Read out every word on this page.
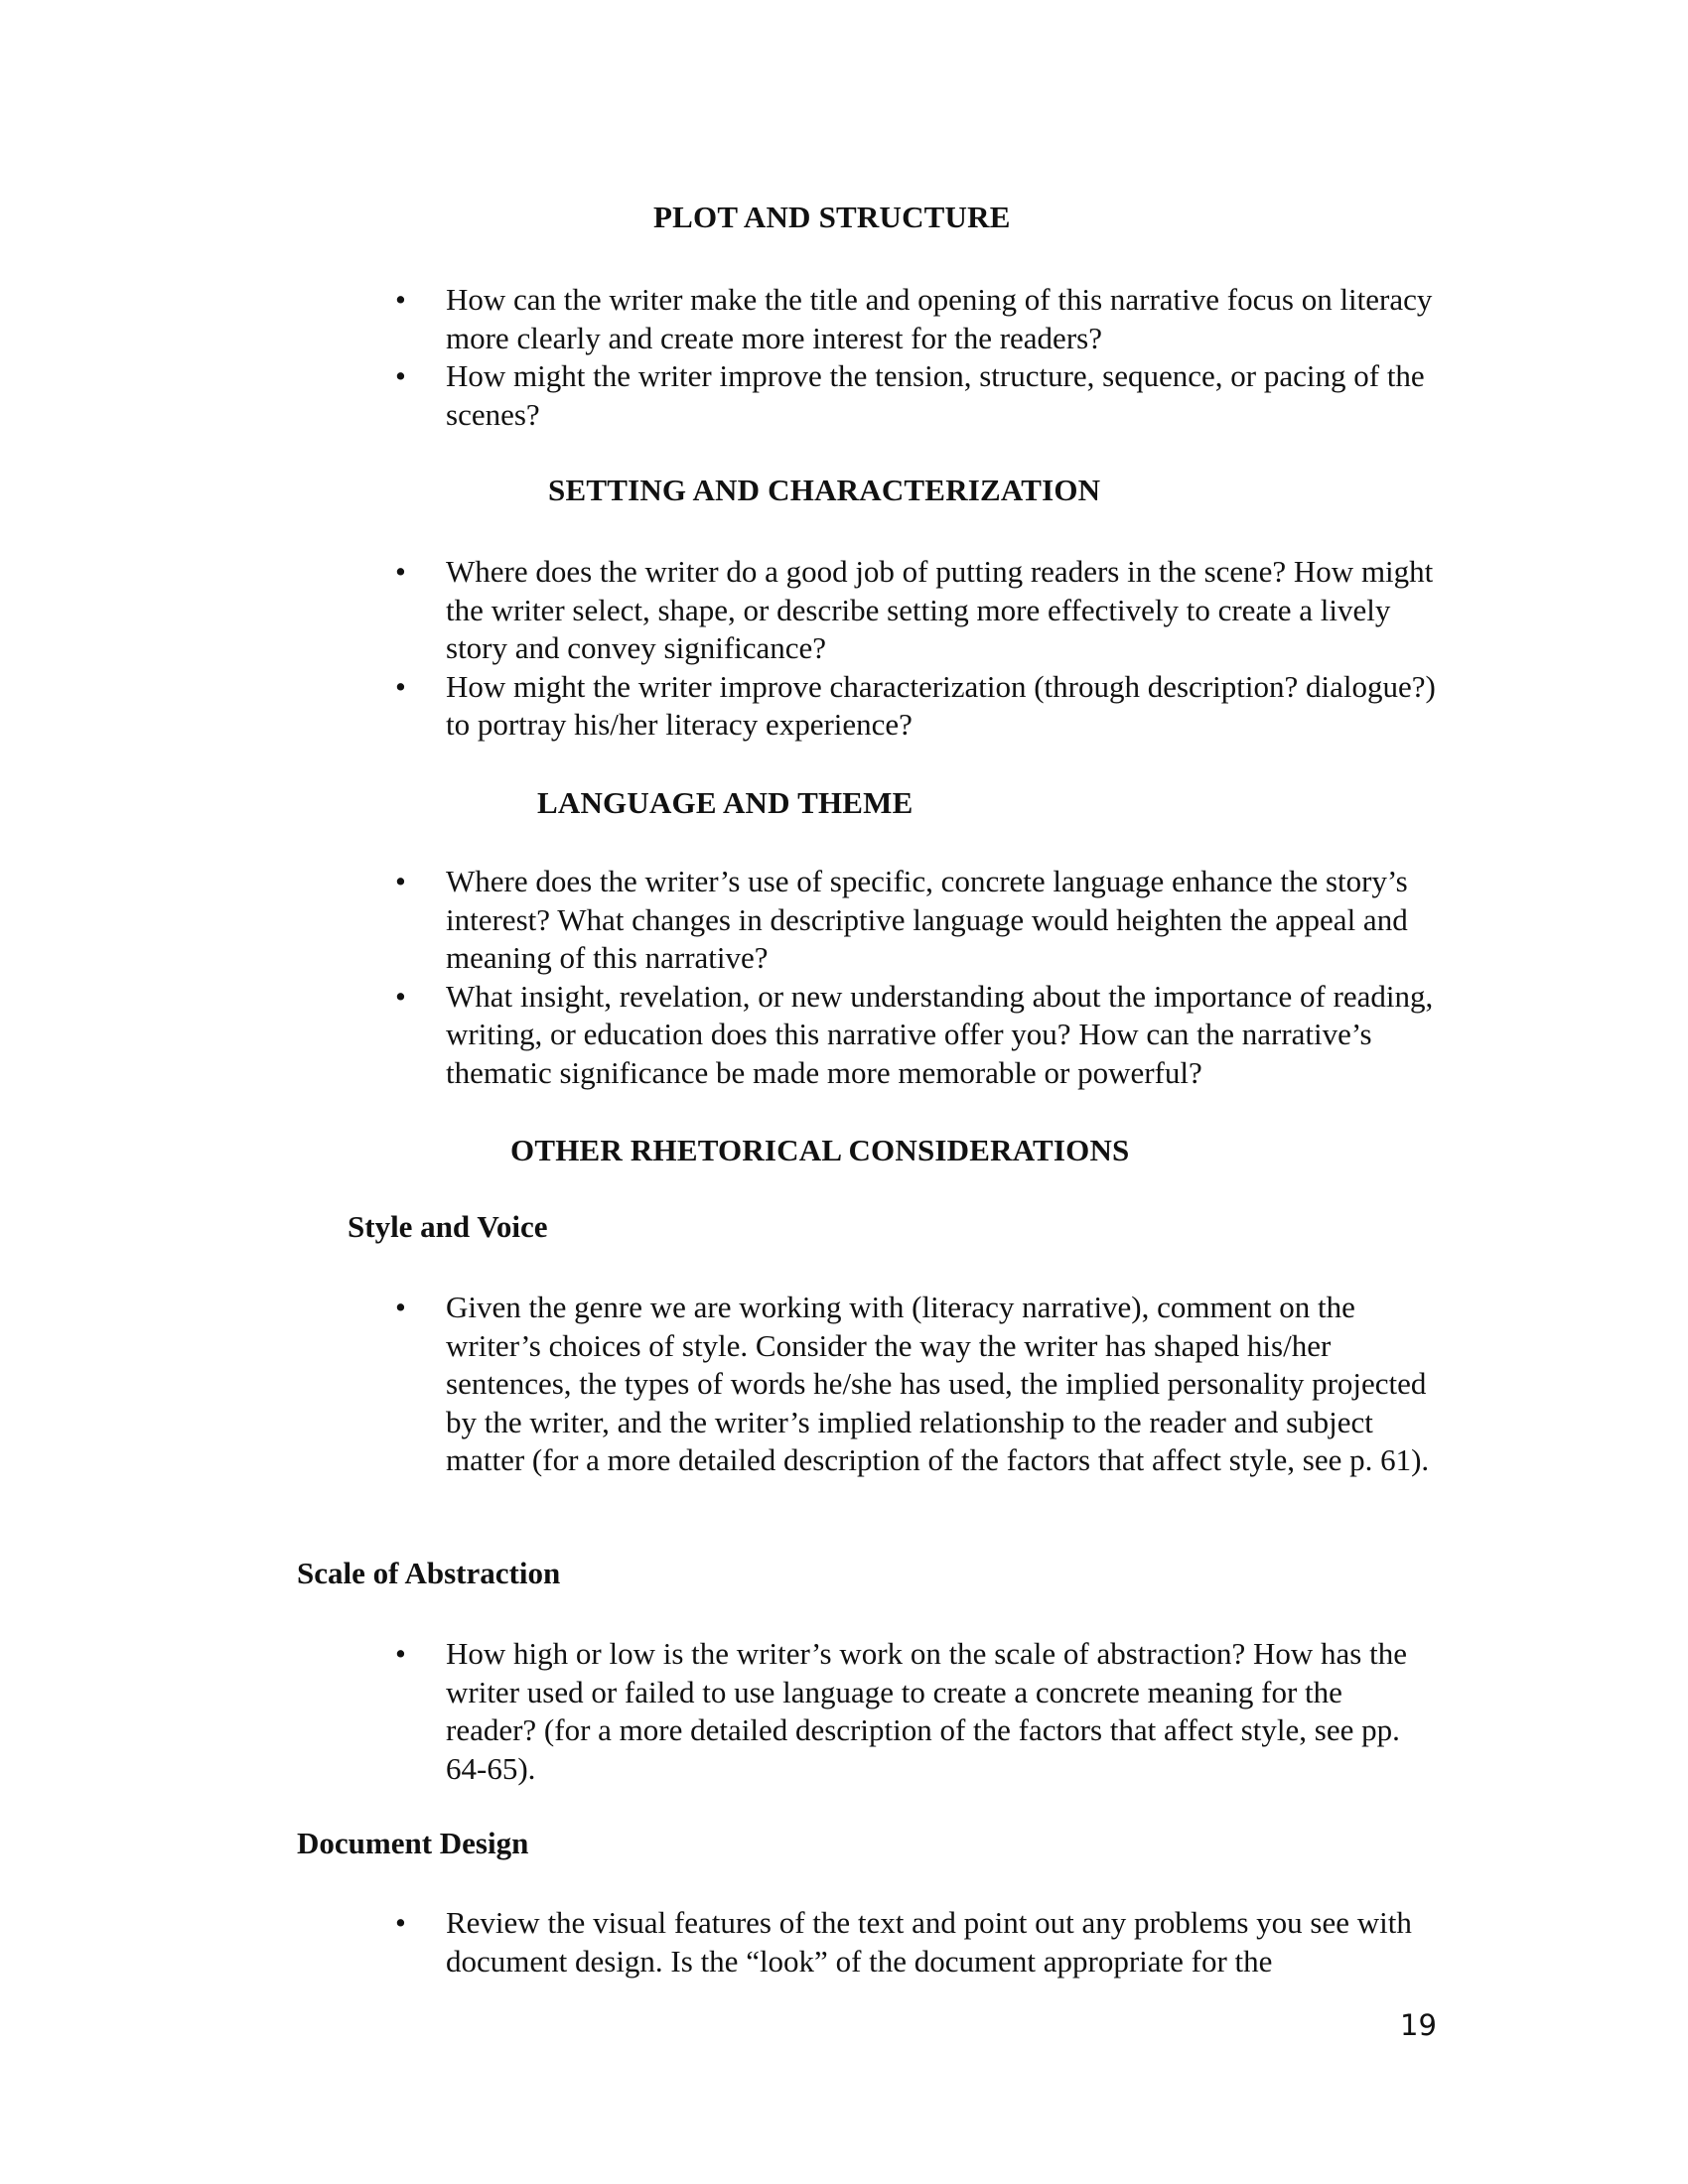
PLOT AND STRUCTURE
• How can the writer make the title and opening of this narrative focus on literacy more clearly and create more interest for the readers?
• How might the writer improve the tension, structure, sequence, or pacing of the scenes?
SETTING AND CHARACTERIZATION
• Where does the writer do a good job of putting readers in the scene? How might the writer select, shape, or describe setting more effectively to create a lively story and convey significance?
• How might the writer improve characterization (through description? dialogue?) to portray his/her literacy experience?
LANGUAGE AND THEME
• Where does the writer’s use of specific, concrete language enhance the story’s interest? What changes in descriptive language would heighten the appeal and meaning of this narrative?
• What insight, revelation, or new understanding about the importance of reading, writing, or education does this narrative offer you? How can the narrative’s thematic significance be made more memorable or powerful?
OTHER RHETORICAL CONSIDERATIONS
Style and Voice
• Given the genre we are working with (literacy narrative), comment on the writer’s choices of style. Consider the way the writer has shaped his/her sentences, the types of words he/she has used, the implied personality projected by the writer, and the writer’s implied relationship to the reader and subject matter (for a more detailed description of the factors that affect style, see p. 61).
Scale of Abstraction
• How high or low is the writer’s work on the scale of abstraction? How has the writer used or failed to use language to create a concrete meaning for the reader? (for a more detailed description of the factors that affect style, see pp. 64-65).
Document Design
• Review the visual features of the text and point out any problems you see with document design. Is the “look” of the document appropriate for the
19
